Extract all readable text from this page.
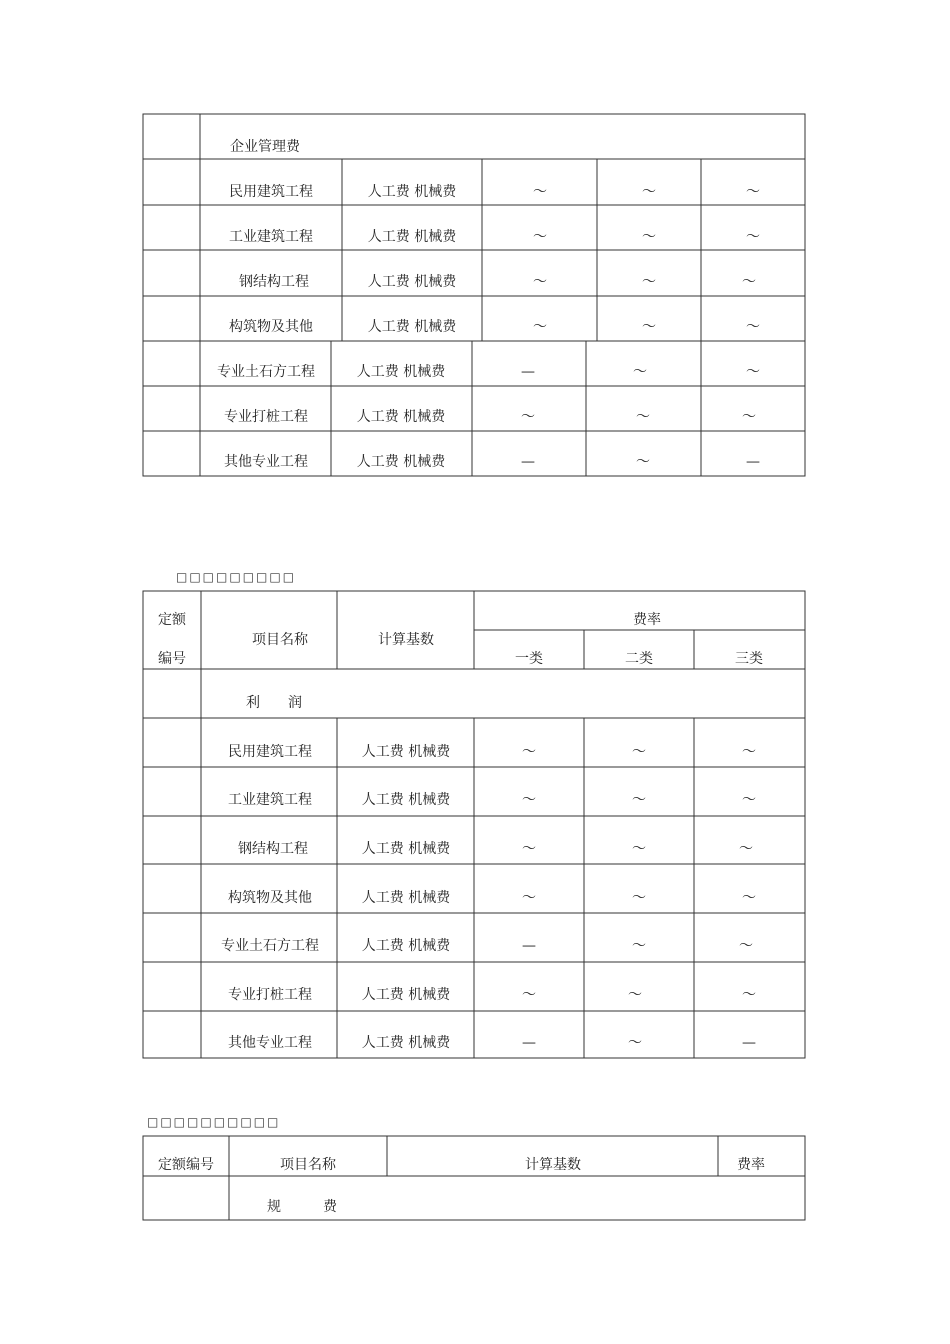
企业管理费
民用建筑工程	人工费 机械费	～	～	～
工业建筑工程	人工费 机械费	～	～	～
钢结构工程	人工费 机械费	～	～	～
构筑物及其他	人工费 机械费	～	～	～
专业土石方工程	人工费 机械费	—	～	～
专业打桩工程	人工费 机械费	～	～	～
其他专业工程	人工费 机械费	—	～	—
□□□□□□□□□
定额
编号
项目名称	计算基数
费率
一类	二类	三类
利　　润
民用建筑工程	人工费 机械费	～	～	～
工业建筑工程	人工费 机械费	～	～	～
钢结构工程	人工费 机械费	～	～	～
构筑物及其他	人工费 机械费	～	～	～
专业土石方工程	人工费 机械费	—	～	～
专业打桩工程	人工费 机械费	～	～	～
其他专业工程	人工费 机械费	—	～	—
□□□□□□□□□□
定额编号	项目名称	计算基数	费率
规　　　费
